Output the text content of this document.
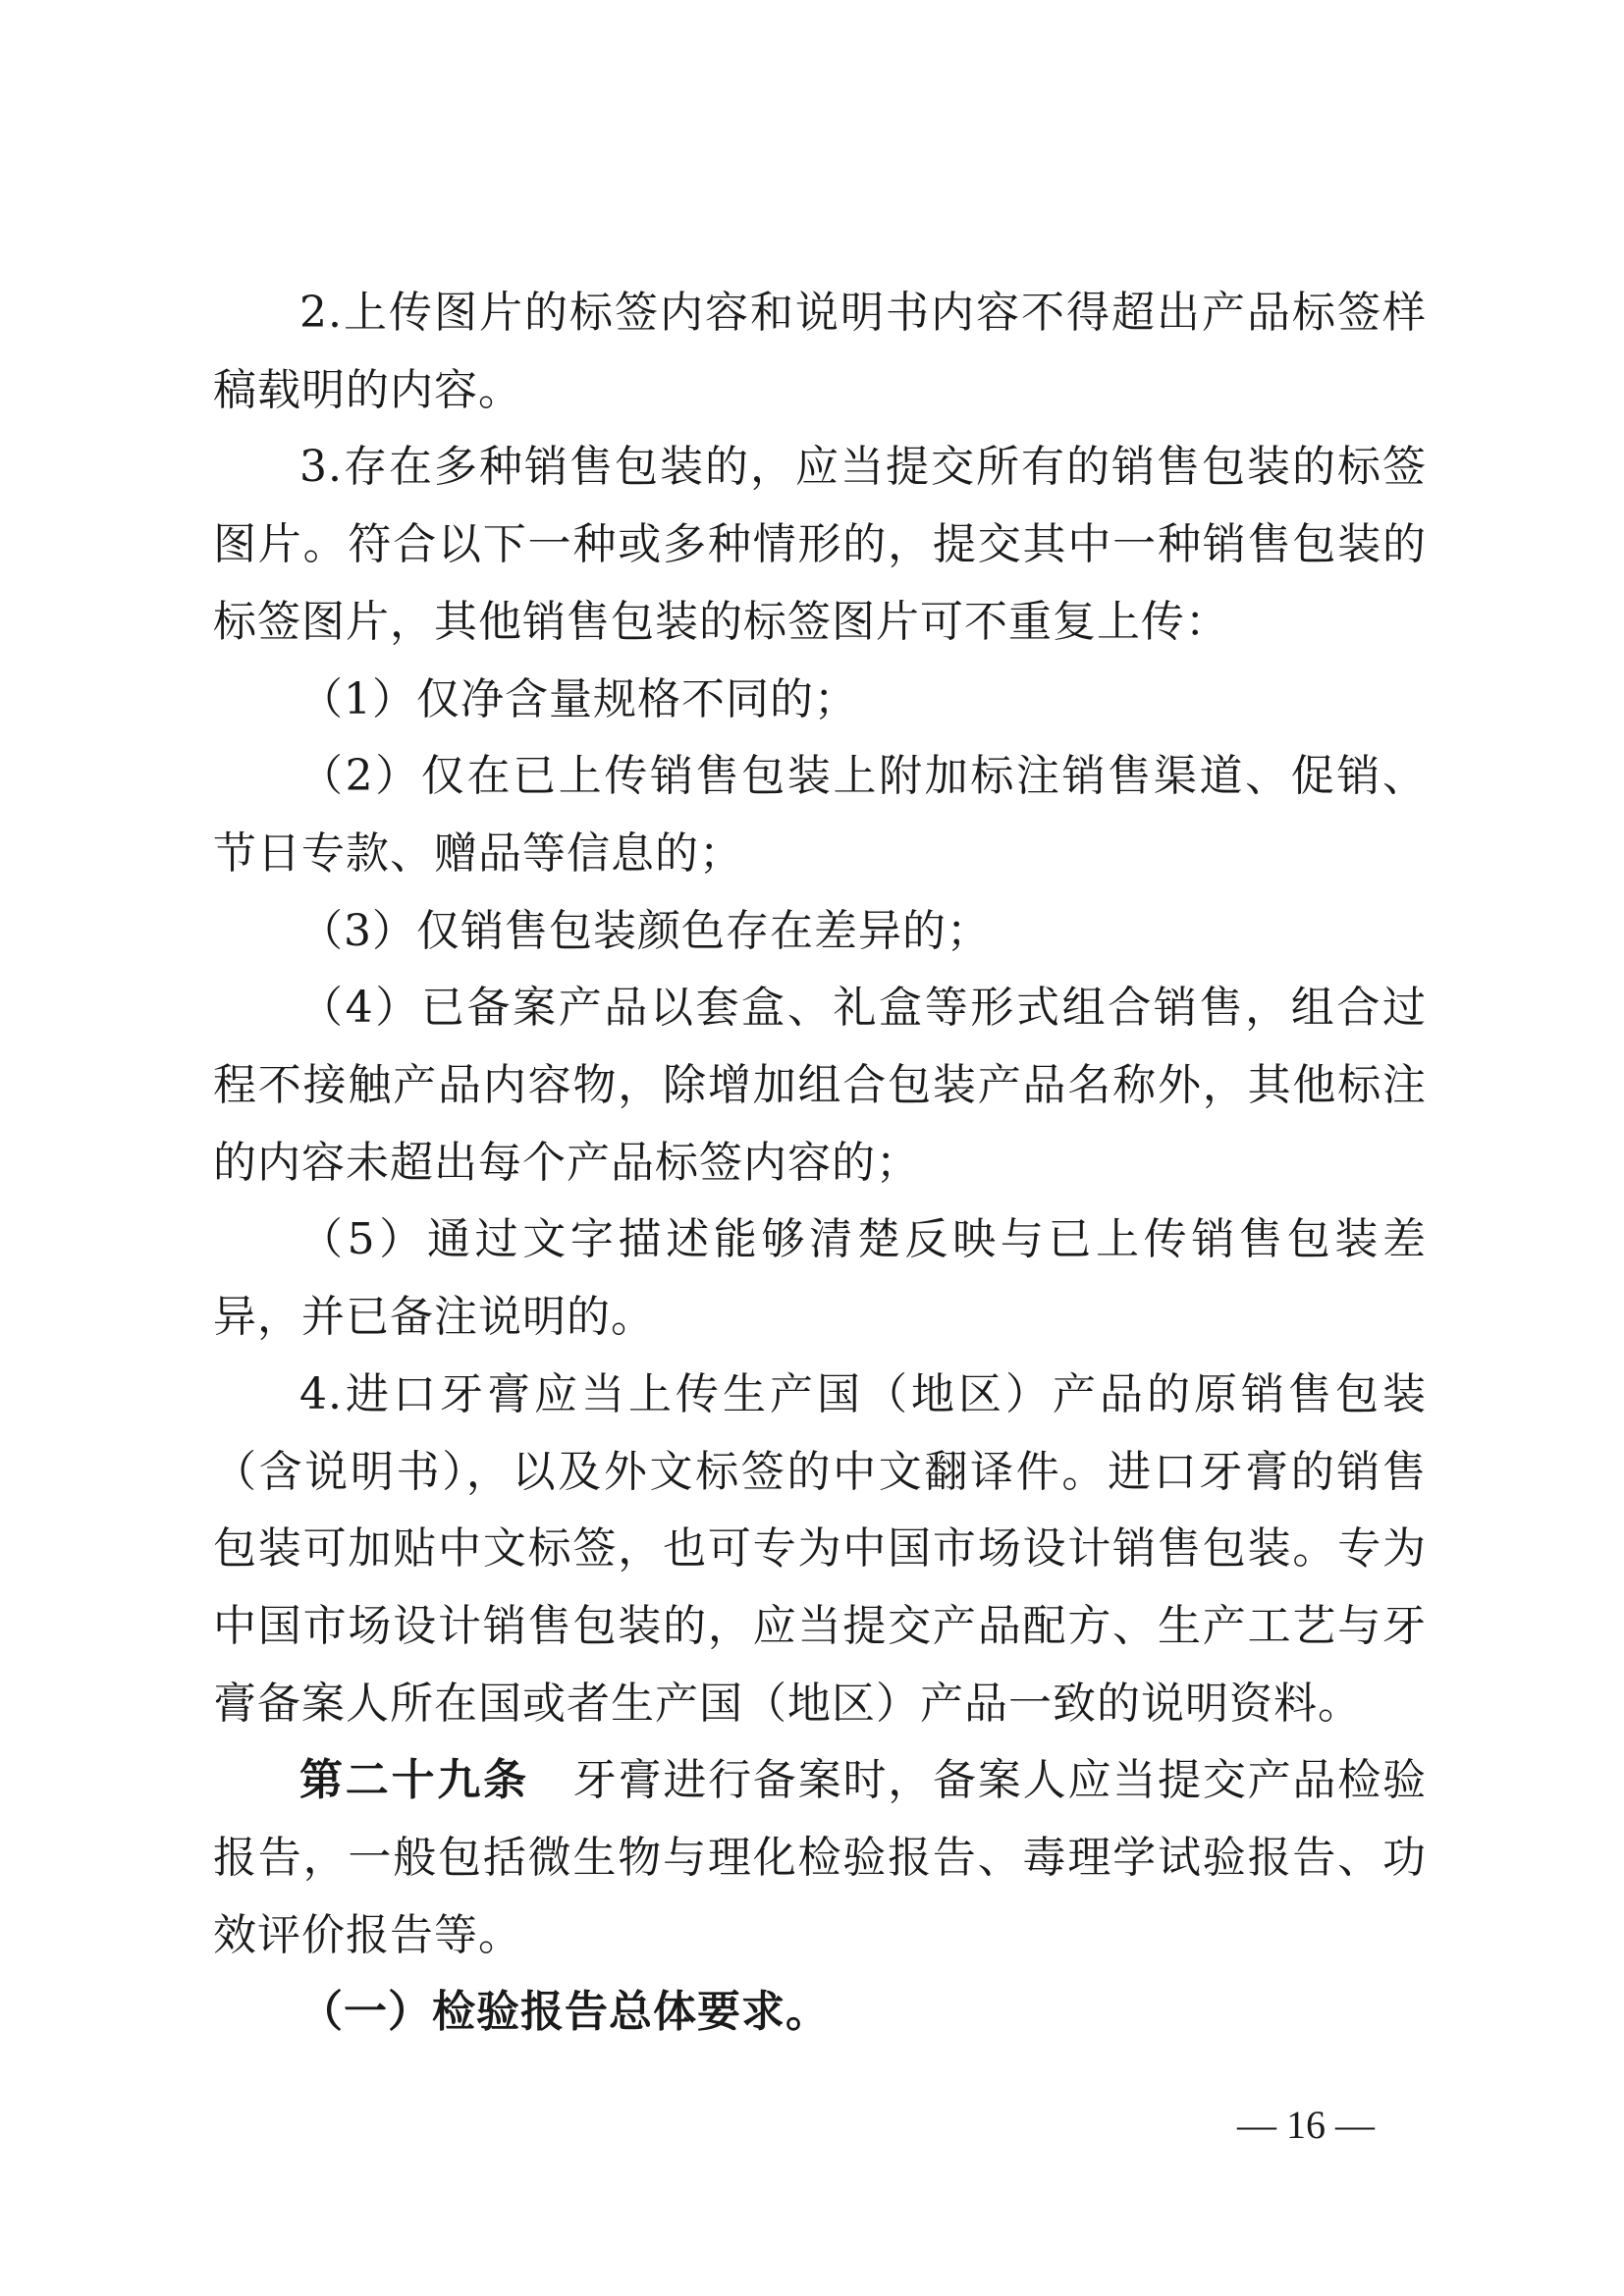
2.上传图片的标签内容和说明书内容不得超出产品标签样稿载明的内容。

3.存在多种销售包装的，应当提交所有的销售包装的标签图片。符合以下一种或多种情形的，提交其中一种销售包装的标签图片，其他销售包装的标签图片可不重复上传：

（1）仅净含量规格不同的；

（2）仅在已上传销售包装上附加标注销售渠道、促销、节日专款、赠品等信息的；

（3）仅销售包装颜色存在差异的；

（4）已备案产品以套盒、礼盒等形式组合销售，组合过程不接触产品内容物，除增加组合包装产品名称外，其他标注的内容未超出每个产品标签内容的；

（5）通过文字描述能够清楚反映与已上传销售包装差异，并已备注说明的。

4.进口牙膏应当上传生产国（地区）产品的原销售包装（含说明书），以及外文标签的中文翻译件。进口牙膏的销售包装可加贴中文标签，也可专为中国市场设计销售包装。专为中国市场设计销售包装的，应当提交产品配方、生产工艺与牙膏备案人所在国或者生产国（地区）产品一致的说明资料。

第二十九条 牙膏进行备案时，备案人应当提交产品检验报告，一般包括微生物与理化检验报告、毒理学试验报告、功效评价报告等。

（一）检验报告总体要求。

— 16 —
